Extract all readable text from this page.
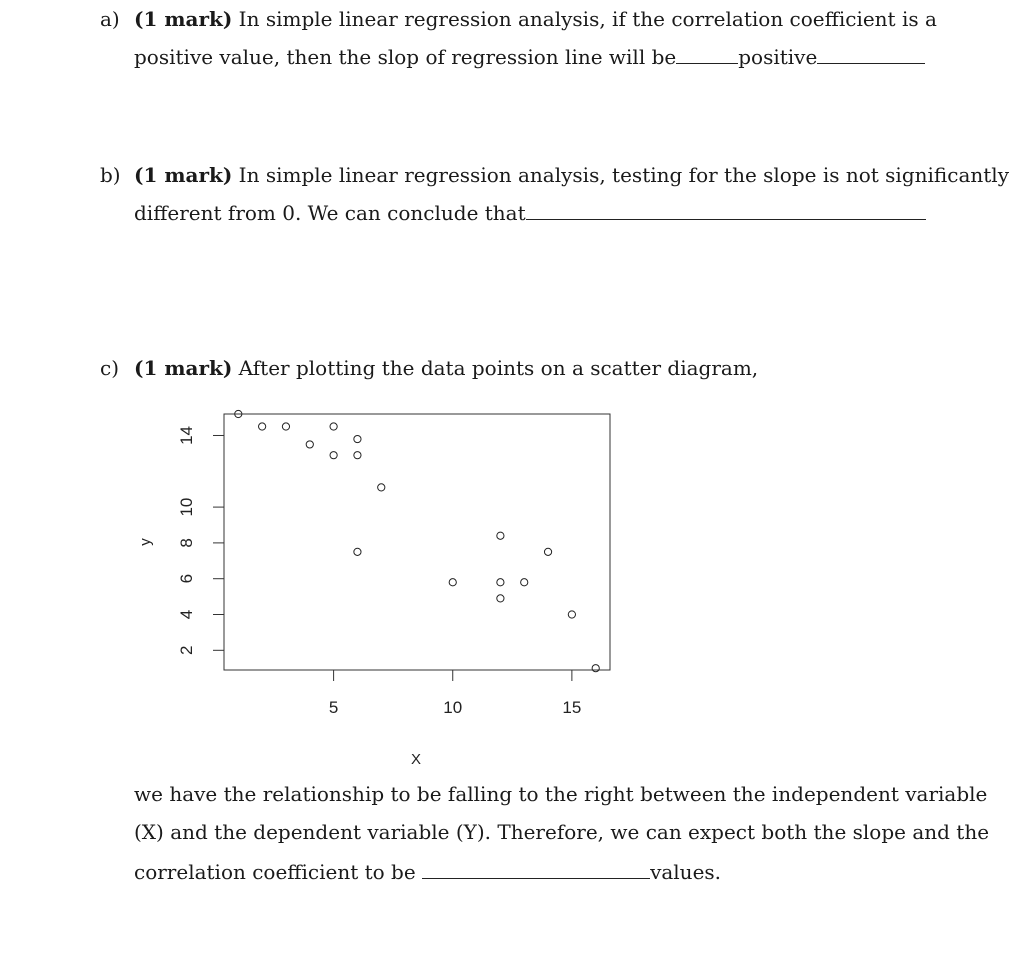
a) (1 mark) In simple linear regression analysis, if the correlation coefficient is a
positive value, then the slop of regression line will be	positive
b) (1 mark) In simple linear regression analysis, testing for the slope is not significantly
different from 0. We can conclude that
c) (1 mark) After plotting the data points on a scatter diagram,
5	10	15
2
4
6
8
10
14
X
y
we have the relationship to be falling to the right between the independent variable
(X) and the dependent variable (Y). Therefore, we can expect both the slope and the
correlation coefficient to be	values.
